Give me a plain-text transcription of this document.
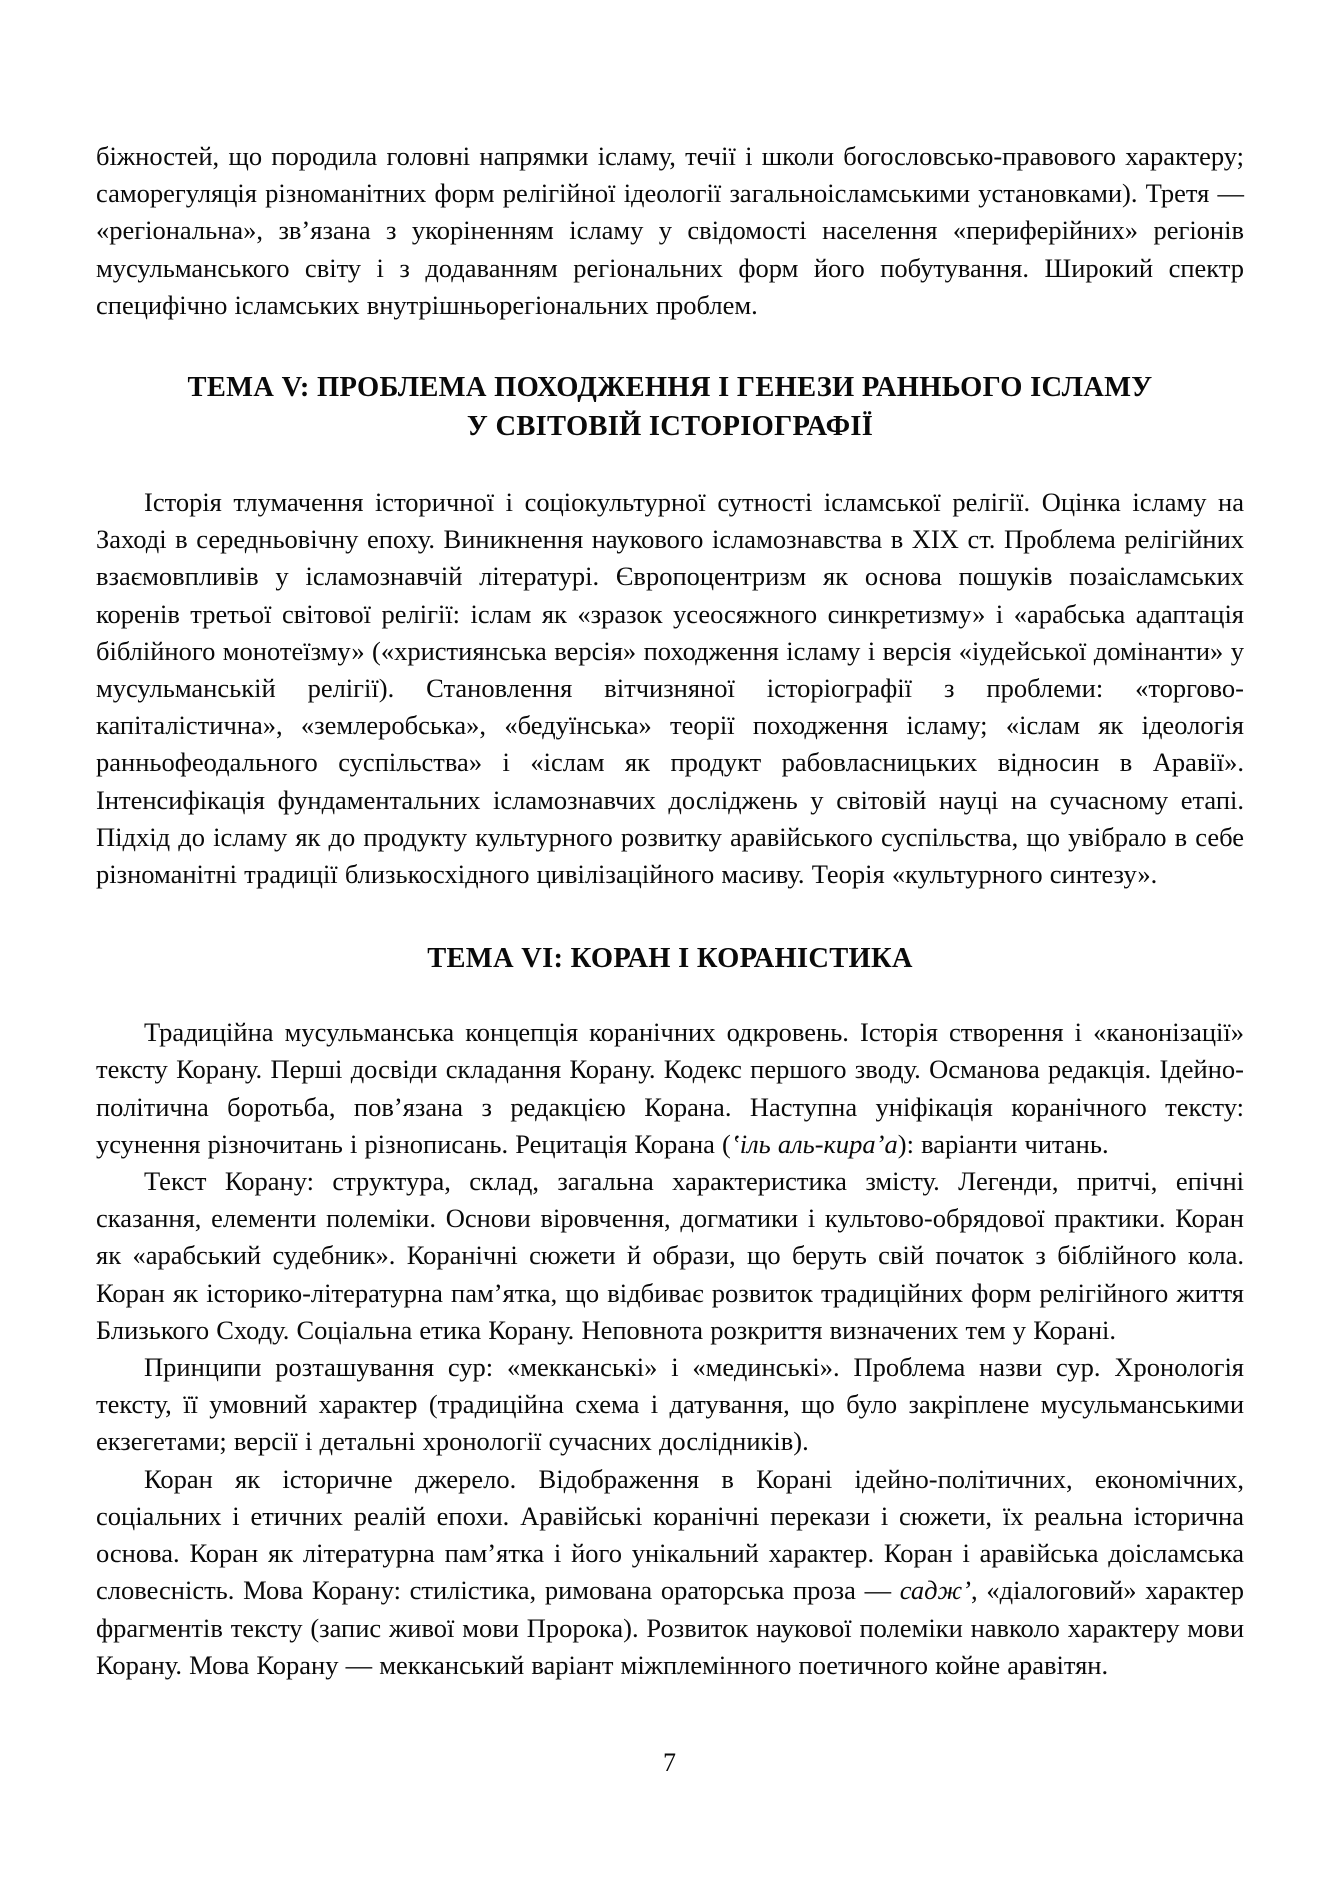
біжностей, що породила головні напрямки ісламу, течії і школи богословсько-правового характеру; саморегуляція різноманітних форм релігійної ідеології загальноісламськими установками). Третя — «регіональна», зв’язана з укоріненням ісламу у свідомості населення «периферійних» регіонів мусульманського світу і з додаванням регіональних форм його побутування. Широкий спектр специфічно ісламських внутрішньорегіональних проблем.

ТЕМА V: ПРОБЛЕМА ПОХОДЖЕННЯ І ГЕНЕЗИ РАННЬОГО ІСЛАМУ
У СВІТОВІЙ ІСТОРІОГРАФІЇ

Історія тлумачення історичної і соціокультурної сутності ісламської релігії. Оцінка ісламу на Заході в середньовічну епоху. Виникнення наукового ісламознавства в XIX ст. Проблема релігійних взаємовпливів у ісламознавчій літературі. Європоцентризм як основа пошуків позаісламських коренів третьої світової релігії: іслам як «зразок усеосяжного синкретизму» і «арабська адаптація біблійного монотеїзму» («християнська версія» походження ісламу і версія «іудейської домінанти» у мусульманській релігії). Становлення вітчизняної історіографії з проблеми: «торгово-капіталістична», «землеробська», «бедуїнська» теорії походження ісламу; «іслам як ідеологія ранньофеодального суспільства» і «іслам як продукт рабовласницьких відносин в Аравії». Інтенсифікація фундаментальних ісламознавчих досліджень у світовій науці на сучасному етапі. Підхід до ісламу як до продукту культурного розвитку аравійського суспільства, що увібрало в себе різноманітні традиції близькосхідного цивілізаційного масиву. Теорія «культурного синтезу».

ТЕМА VI: КОРАН І КОРАНІСТИКА

Традиційна мусульманська концепція коранічних одкровень. Історія створення і «канонізації» тексту Корану. Перші досвіди складання Корану. Кодекс першого зводу. Османова редакція. Ідейно-політична боротьба, пов’язана з редакцією Корана. Наступна уніфікація коранічного тексту: усунення різночитань і різнописань. Рецитація Корана (‛іль аль-кира’а): варіанти читань.

Текст Корану: структура, склад, загальна характеристика змісту. Легенди, притчі, епічні сказання, елементи полеміки. Основи віровчення, догматики і культово-обрядової практики. Коран як «арабський судебник». Коранічні сюжети й образи, що беруть свій початок з біблійного кола. Коран як історико-літературна пам’ятка, що відбиває розвиток традиційних форм релігійного життя Близького Сходу. Соціальна етика Корану. Неповнота розкриття визначених тем у Корані.

Принципи розташування сур: «мекканські» і «мединські». Проблема назви сур. Хронологія тексту, її умовний характер (традиційна схема і датування, що було закріплене мусульманськими екзегетами; версії і детальні хронології сучасних дослідників).

Коран як історичне джерело. Відображення в Корані ідейно-політичних, економічних, соціальних і етичних реалій епохи. Аравійські коранічні перекази і сюжети, їх реальна історична основа. Коран як літературна пам’ятка і його унікальний характер. Коран і аравійська доісламська словесність. Мова Корану: стилістика, римована ораторська проза — садж’, «діалоговий» характер фрагментів тексту (запис живої мови Пророка). Розвиток наукової полеміки навколо характеру мови Корану. Мова Корану — мекканський варіант міжплемінного поетичного койне аравітян.

7
